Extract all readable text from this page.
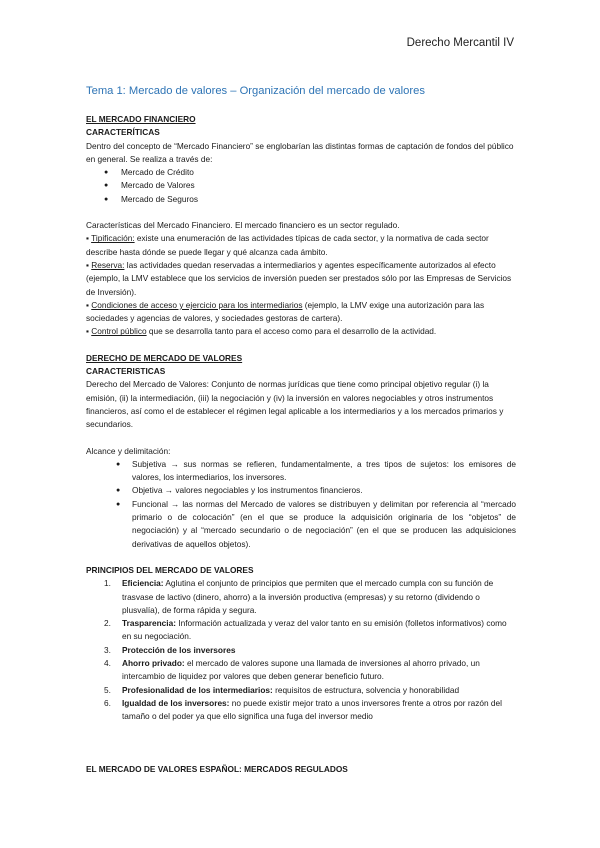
Derecho Mercantil IV
Tema 1: Mercado de valores – Organización del mercado de valores

EL MERCADO FINANCIERO

CARACTERÍTICAS

Dentro del concepto de “Mercado Financiero” se englobarían las distintas formas de captación de fondos del público en general. Se realiza a través de:

● Mercado de Crédito
● Mercado de Valores
● Mercado de Seguros

Características del Mercado Financiero. El mercado financiero es un sector regulado.

▪ Tipificación: existe una enumeración de las actividades típicas de cada sector, y la normativa de cada sector describe hasta dónde se puede llegar y qué alcanza cada ámbito.

▪ Reserva: las actividades quedan reservadas a intermediarios y agentes específicamente autorizados al efecto (ejemplo, la LMV establece que los servicios de inversión pueden ser prestados sólo por las Empresas de Servicios de Inversión).

▪ Condiciones de acceso y ejercicio para los intermediarios (ejemplo, la LMV exige una autorización para las sociedades y agencias de valores, y sociedades gestoras de cartera).

▪ Control público que se desarrolla tanto para el acceso como para el desarrollo de la actividad.

DERECHO DE MERCADO DE VALORES

CARACTERISTICAS

Derecho del Mercado de Valores: Conjunto de normas jurídicas que tiene como principal objetivo regular (i) la emisión, (ii) la intermediación, (iii) la negociación y (iv) la inversión en valores negociables y otros instrumentos financieros, así como el de establecer el régimen legal aplicable a los intermediarios y a los mercados primarios y secundarios.

Alcance y delimitación:

● Subjetiva → sus normas se refieren, fundamentalmente, a tres tipos de sujetos: los emisores de valores, los intermediarios, los inversores.
● Objetiva → valores negociables y los instrumentos financieros.
● Funcional → las normas del Mercado de valores se distribuyen y delimitan por referencia al “mercado primario o de colocación” (en el que se produce la adquisición originaria de los “objetos” de negociación) y al “mercado secundario o de negociación” (en el que se producen las adquisiciones derivativas de aquellos objetos).

PRINCIPIOS DEL MERCADO DE VALORES

1. Eficiencia: Aglutina el conjunto de principios que permiten que el mercado cumpla con su función de trasvase de lactivo (dinero, ahorro) a la inversión productiva (empresas) y su retorno (dividendo o plusvalía), de forma rápida y segura.
2. Trasparencia: Información actualizada y veraz del valor tanto en su emisión (folletos informativos) como en su negociación.
3. Protección de los inversores
4. Ahorro privado: el mercado de valores supone una llamada de inversiones al ahorro privado, un intercambio de liquidez por valores que deben generar beneficio futuro.
5. Profesionalidad de los intermediarios: requisitos de estructura, solvencia y honorabilidad
6. Igualdad de los inversores: no puede existir mejor trato a unos inversores frente a otros por razón del tamaño o del poder ya que ello significa una fuga del inversor medio

EL MERCADO DE VALORES ESPAÑOL: MERCADOS REGULADOS
